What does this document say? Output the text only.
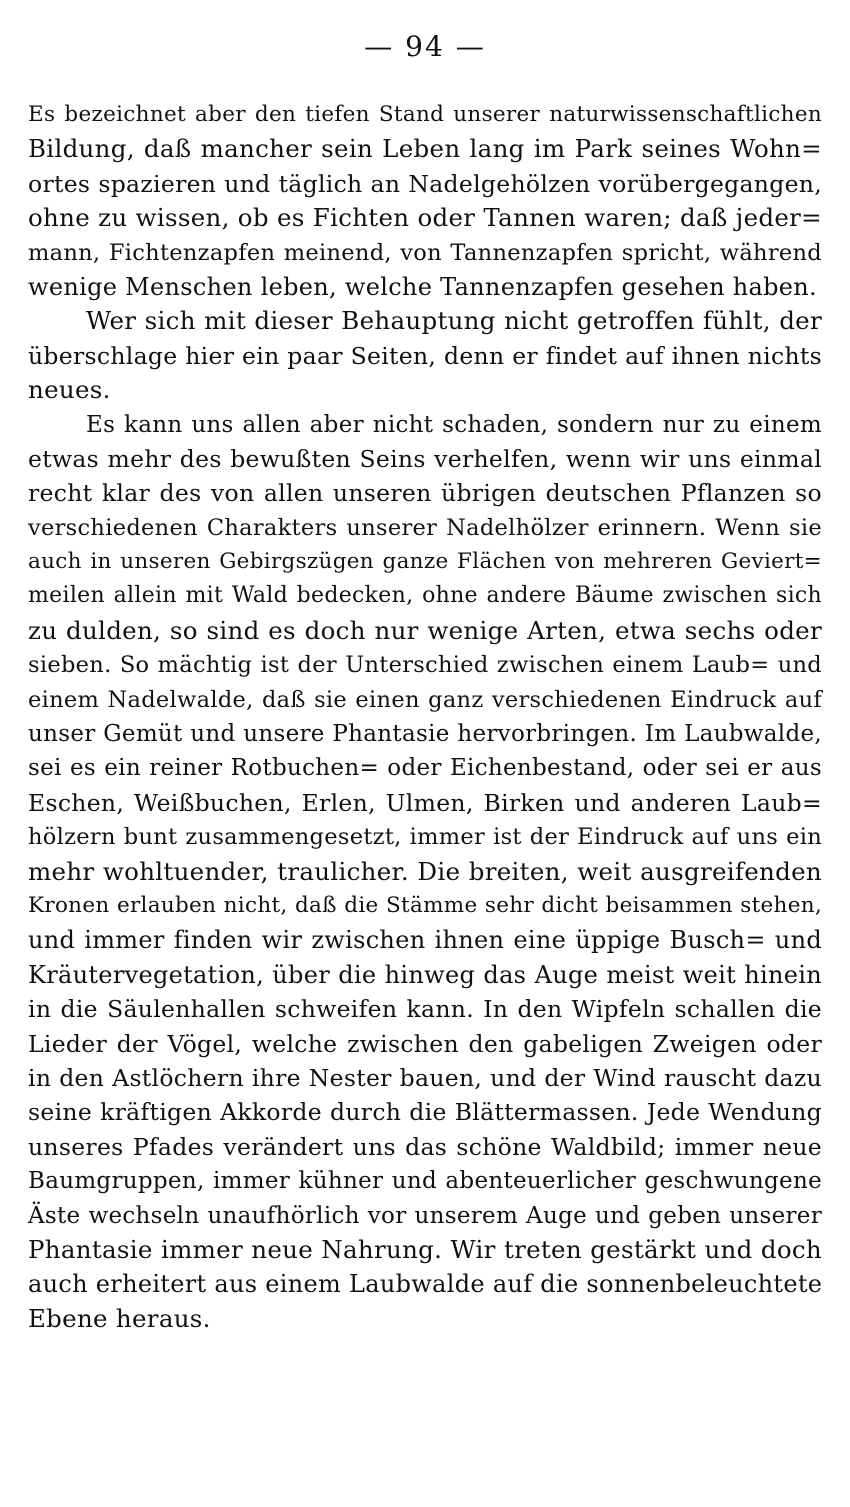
— 94 —
Es bezeichnet aber den tiefen Stand unserer naturwissenschaftlichen
Bildung, daß mancher sein Leben lang im Park seines Wohn=
ortes spazieren und täglich an Nadelgehölzen vorübergegangen,
ohne zu wissen, ob es Fichten oder Tannen waren; daß jeder=
mann, Fichtenzapfen meinend, von Tannenzapfen spricht, während
wenige Menschen leben, welche Tannenzapfen gesehen haben.
Wer sich mit dieser Behauptung nicht getroffen fühlt, der
überschlage hier ein paar Seiten, denn er findet auf ihnen nichts
neues.
Es kann uns allen aber nicht schaden, sondern nur zu einem
etwas mehr des bewußten Seins verhelfen, wenn wir uns einmal
recht klar des von allen unseren übrigen deutschen Pflanzen so
verschiedenen Charakters unserer Nadelhölzer erinnern. Wenn sie
auch in unseren Gebirgszügen ganze Flächen von mehreren Geviert=
meilen allein mit Wald bedecken, ohne andere Bäume zwischen sich
zu dulden, so sind es doch nur wenige Arten, etwa sechs oder
sieben. So mächtig ist der Unterschied zwischen einem Laub= und
einem Nadelwalde, daß sie einen ganz verschiedenen Eindruck auf
unser Gemüt und unsere Phantasie hervorbringen. Im Laubwalde,
sei es ein reiner Rotbuchen= oder Eichenbestand, oder sei er aus
Eschen, Weißbuchen, Erlen, Ulmen, Birken und anderen Laub=
hölzern bunt zusammengesetzt, immer ist der Eindruck auf uns ein
mehr wohltuender, traulicher. Die breiten, weit ausgreifenden
Kronen erlauben nicht, daß die Stämme sehr dicht beisammen stehen,
und immer finden wir zwischen ihnen eine üppige Busch= und
Kräutervegetation, über die hinweg das Auge meist weit hinein
in die Säulenhallen schweifen kann. In den Wipfeln schallen die
Lieder der Vögel, welche zwischen den gabeligen Zweigen oder
in den Astlöchern ihre Nester bauen, und der Wind rauscht dazu
seine kräftigen Akkorde durch die Blättermassen. Jede Wendung
unseres Pfades verändert uns das schöne Waldbild; immer neue
Baumgruppen, immer kühner und abenteuerlicher geschwungene
Äste wechseln unaufhörlich vor unserem Auge und geben unserer
Phantasie immer neue Nahrung. Wir treten gestärkt und doch
auch erheitert aus einem Laubwalde auf die sonnenbeleuchtete
Ebene heraus.
